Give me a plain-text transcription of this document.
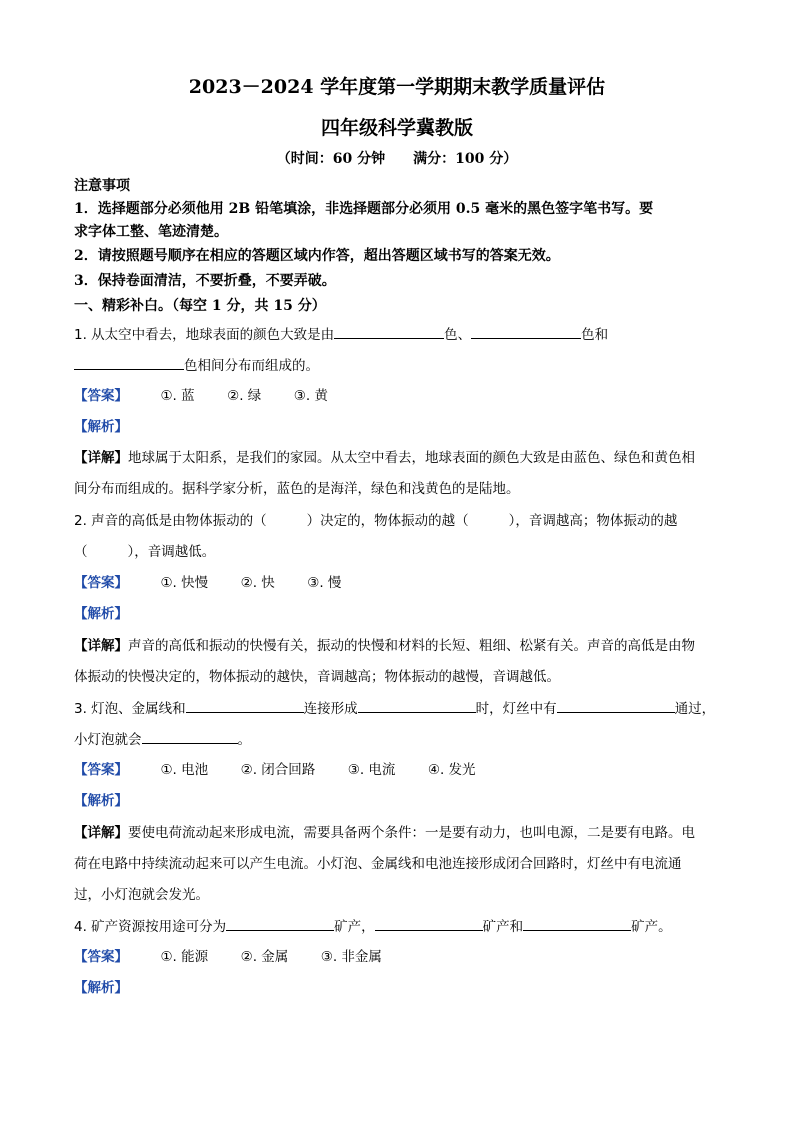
2023－2024 学年度第一学期期末教学质量评估
四年级科学冀教版
（时间：60 分钟　　满分：100 分）
注意事项
1．选择题部分必须他用 2B 铅笔填涂，非选择题部分必须用 0.5 毫米的黑色签字笔书写。要
求字体工整、笔迹清楚。
2．请按照题号顺序在相应的答题区域内作答，超出答题区域书写的答案无效。
3．保持卷面清洁，不要折叠，不要弄破。
一、精彩补白。（每空 1 分，共 15 分）
1. 从太空中看去，地球表面的颜色大致是由	色、	色和
色相间分布而组成的。
【答案】 ①. 蓝 ②. 绿 ③. 黄
【解析】
【详解】地球属于太阳系，是我们的家园。从太空中看去，地球表面的颜色大致是由蓝色、绿色和黄色相
间分布而组成的。据科学家分析，蓝色的是海洋，绿色和浅黄色的是陆地。
2. 声音的高低是由物体振动的（	）决定的，物体振动的越（	），音调越高；物体振动的越
（	），音调越低。
【答案】 ①. 快慢 ②. 快 ③. 慢
【解析】
【详解】声音的高低和振动的快慢有关，振动的快慢和材料的长短、粗细、松紧有关。声音的高低是由物
体振动的快慢决定的，物体振动的越快，音调越高；物体振动的越慢，音调越低。
3. 灯泡、金属线和	连接形成	时，灯丝中有	通过，
小灯泡就会	。
【答案】 ①. 电池 ②. 闭合回路 ③. 电流 ④. 发光
【解析】
【详解】要使电荷流动起来形成电流，需要具备两个条件：一是要有动力，也叫电源，二是要有电路。电
荷在电路中持续流动起来可以产生电流。小灯泡、金属线和电池连接形成闭合回路时，灯丝中有电流通
过，小灯泡就会发光。
4. 矿产资源按用途可分为	矿产，	矿产和	矿产。
【答案】 ①. 能源 ②. 金属 ③. 非金属
【解析】
